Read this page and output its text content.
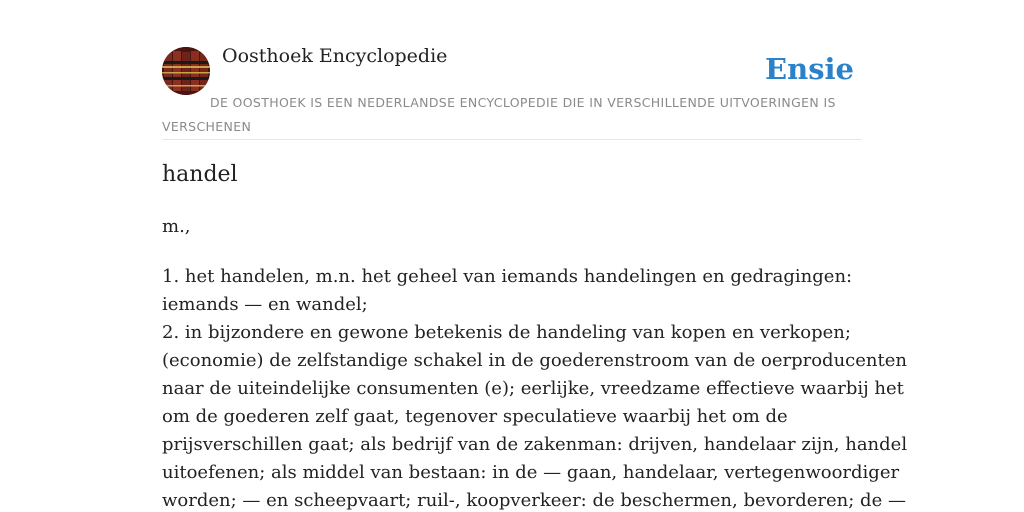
Oosthoek Encyclopedie	Ensie
DE OOSTHOEK IS EEN NEDERLANDSE ENCYCLOPEDIE DIE IN VERSCHILLENDE UITVOERINGEN IS VERSCHENEN
handel
m.,
1. het handelen, m.n. het geheel van iemands handelingen en gedragingen:
iemands — en wandel;
2. in bijzondere en gewone betekenis de handeling van kopen en verkopen;
(economie) de zelfstandige schakel in de goederenstroom van de oerproducenten
naar de uiteindelijke consumenten (e); eerlijke, vreedzame effectieve waarbij het
om de goederen zelf gaat, tegenover speculatieve waarbij het om de
prijsverschillen gaat; als bedrijf van de zakenman: drijven, handelaar zijn, handel
uitoefenen; als middel van bestaan: in de — gaan, handelaar, vertegenwoordiger
worden; — en scheepvaart; ruil-, koopverkeer: de beschermen, bevorderen; de —
